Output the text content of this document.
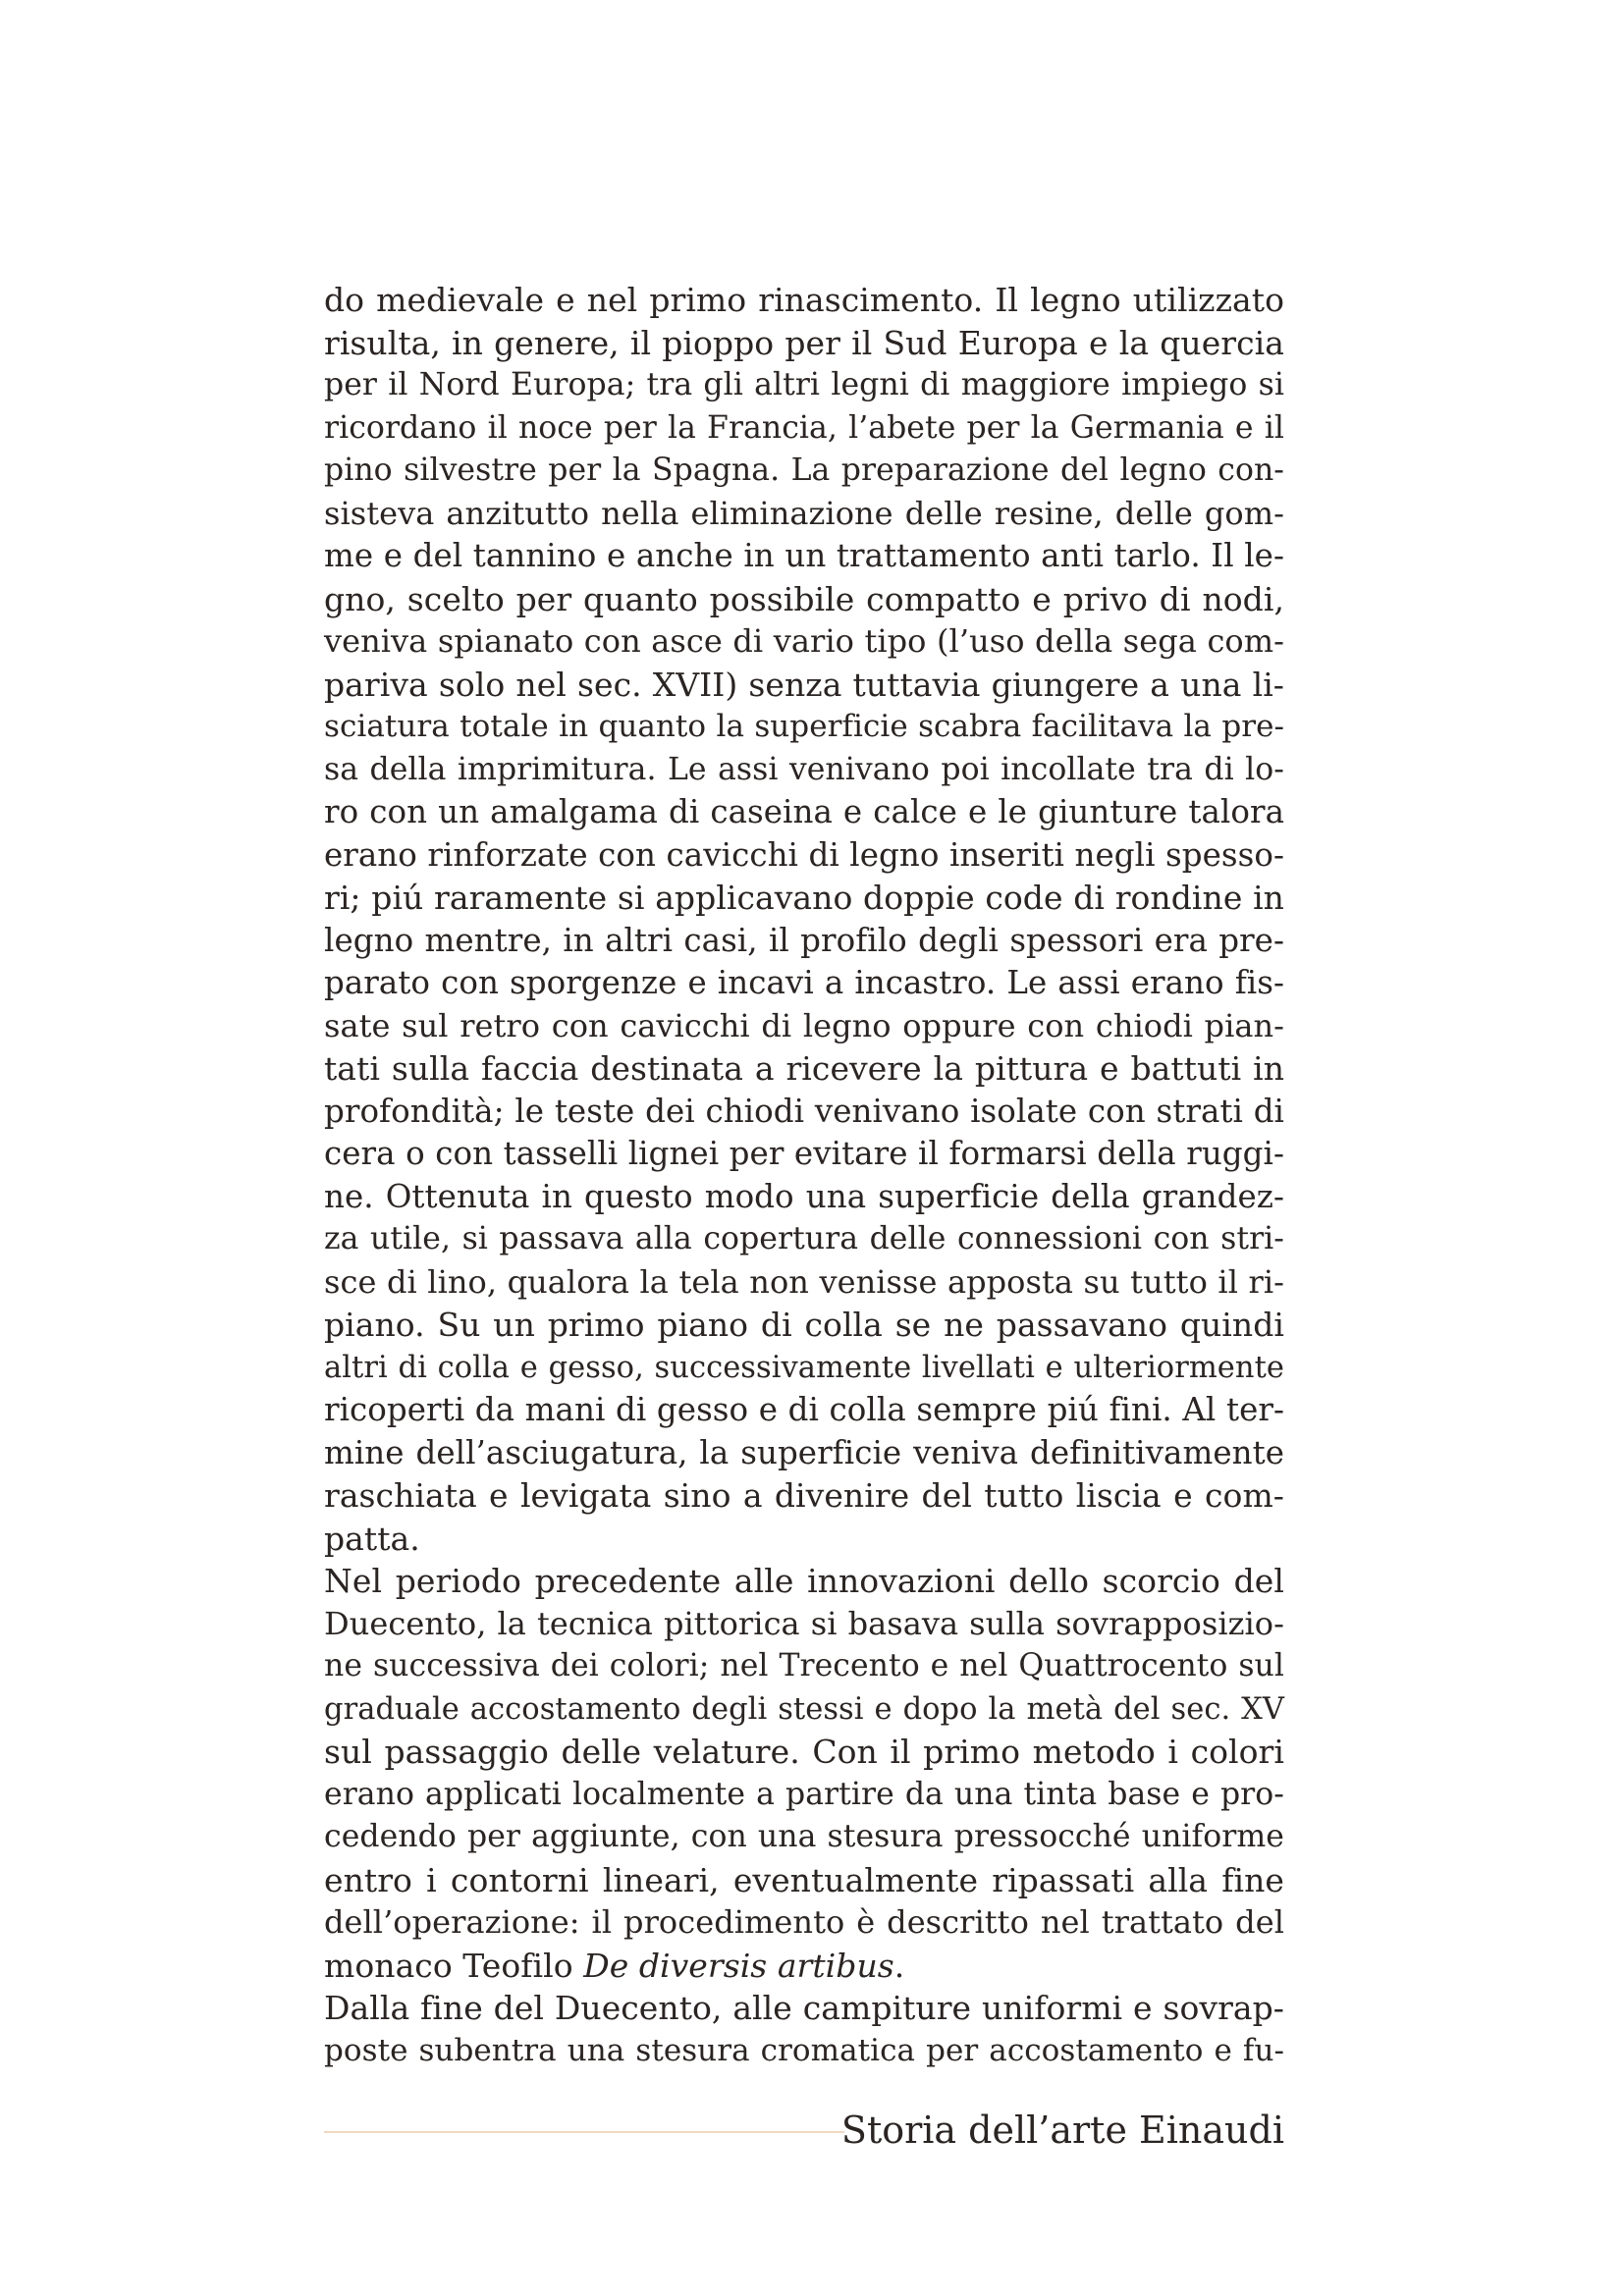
do medievale e nel primo rinascimento. Il legno utilizzato
risulta, in genere, il pioppo per il Sud Europa e la quercia
per il Nord Europa; tra gli altri legni di maggiore impiego si
ricordano il noce per la Francia, l’abete per la Germania e il
pino silvestre per la Spagna. La preparazione del legno con-
sisteva anzitutto nella eliminazione delle resine, delle gom-
me e del tannino e anche in un trattamento anti tarlo. Il le-
gno, scelto per quanto possibile compatto e privo di nodi,
veniva spianato con asce di vario tipo (l’uso della sega com-
pariva solo nel sec. XVII) senza tuttavia giungere a una li-
sciatura totale in quanto la superficie scabra facilitava la pre-
sa della imprimitura. Le assi venivano poi incollate tra di lo-
ro con un amalgama di caseina e calce e le giunture talora
erano rinforzate con cavicchi di legno inseriti negli spesso-
ri; piú raramente si applicavano doppie code di rondine in
legno mentre, in altri casi, il profilo degli spessori era pre-
parato con sporgenze e incavi a incastro. Le assi erano fis-
sate sul retro con cavicchi di legno oppure con chiodi pian-
tati sulla faccia destinata a ricevere la pittura e battuti in
profondità; le teste dei chiodi venivano isolate con strati di
cera o con tasselli lignei per evitare il formarsi della ruggi-
ne. Ottenuta in questo modo una superficie della grandez-
za utile, si passava alla copertura delle connessioni con stri-
sce di lino, qualora la tela non venisse apposta su tutto il ri-
piano. Su un primo piano di colla se ne passavano quindi
altri di colla e gesso, successivamente livellati e ulteriormente
ricoperti da mani di gesso e di colla sempre piú fini. Al ter-
mine dell’asciugatura, la superficie veniva definitivamente
raschiata e levigata sino a divenire del tutto liscia e com-
patta.
Nel periodo precedente alle innovazioni dello scorcio del
Duecento, la tecnica pittorica si basava sulla sovrapposizio-
ne successiva dei colori; nel Trecento e nel Quattrocento sul
graduale accostamento degli stessi e dopo la metà del sec. XV
sul passaggio delle velature. Con il primo metodo i colori
erano applicati localmente a partire da una tinta base e pro-
cedendo per aggiunte, con una stesura pressocché uniforme
entro i contorni lineari, eventualmente ripassati alla fine
dell’operazione: il procedimento è descritto nel trattato del
monaco Teofilo De diversis artibus.
Dalla fine del Duecento, alle campiture uniformi e sovrap-
poste subentra una stesura cromatica per accostamento e fu-
Storia dell’arte Einaudi
